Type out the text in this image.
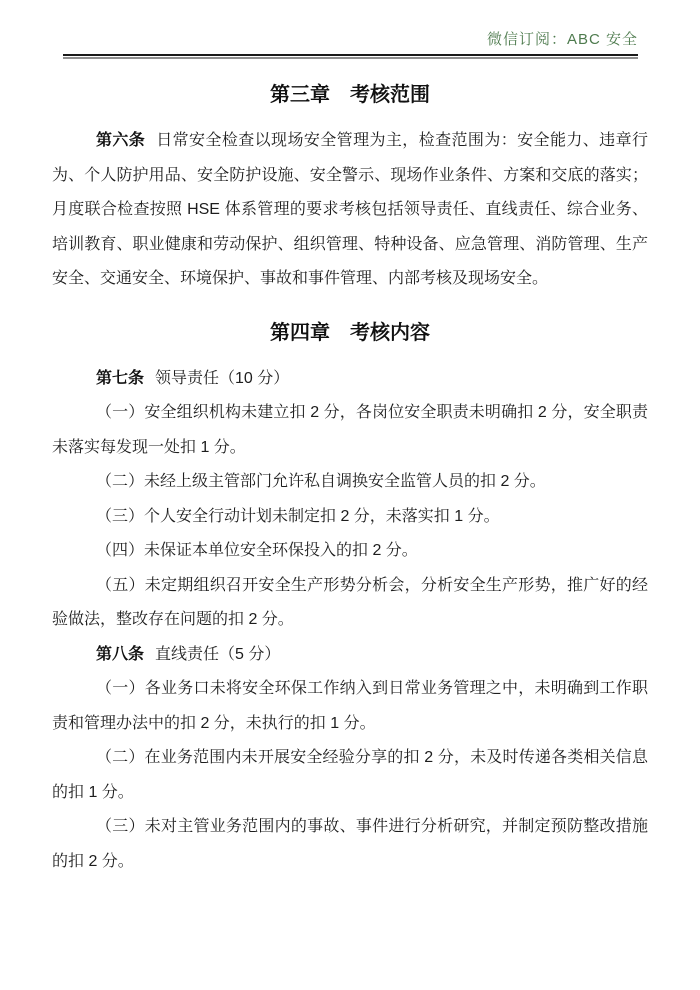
微信订阅：ABC 安全
第三章　考核范围

第六条 日常安全检查以现场安全管理为主，检查范围为：安全能力、违章行为、个人防护用品、安全防护设施、安全警示、现场作业条件、方案和交底的落实；月度联合检查按照 HSE 体系管理的要求考核包括领导责任、直线责任、综合业务、培训教育、职业健康和劳动保护、组织管理、特种设备、应急管理、消防管理、生产安全、交通安全、环境保护、事故和事件管理、内部考核及现场安全。

第四章　考核内容

第七条 领导责任（10 分）

（一）安全组织机构未建立扣 2 分，各岗位安全职责未明确扣 2 分，安全职责未落实每发现一处扣 1 分。

（二）未经上级主管部门允许私自调换安全监管人员的扣 2 分。

（三）个人安全行动计划未制定扣 2 分，未落实扣 1 分。

（四）未保证本单位安全环保投入的扣 2 分。

（五）未定期组织召开安全生产形势分析会，分析安全生产形势，推广好的经验做法，整改存在问题的扣 2 分。

第八条 直线责任（5 分）

（一）各业务口未将安全环保工作纳入到日常业务管理之中，未明确到工作职责和管理办法中的扣 2 分，未执行的扣 1 分。

（二）在业务范围内未开展安全经验分享的扣 2 分，未及时传递各类相关信息的扣 1 分。

（三）未对主管业务范围内的事故、事件进行分析研究，并制定预防整改措施的扣 2 分。
